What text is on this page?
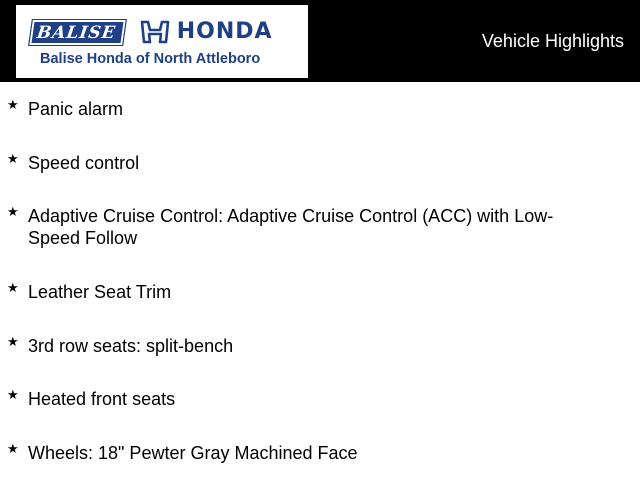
BALISE	HONDA
Balise Honda of North Attleboro
Vehicle Highlights
★ Panic alarm
★ Speed control
★ Adaptive Cruise Control: Adaptive Cruise Control (ACC) with Low-Speed Follow
★ Leather Seat Trim
★ 3rd row seats: split-bench
★ Heated front seats
★ Wheels: 18" Pewter Gray Machined Face
